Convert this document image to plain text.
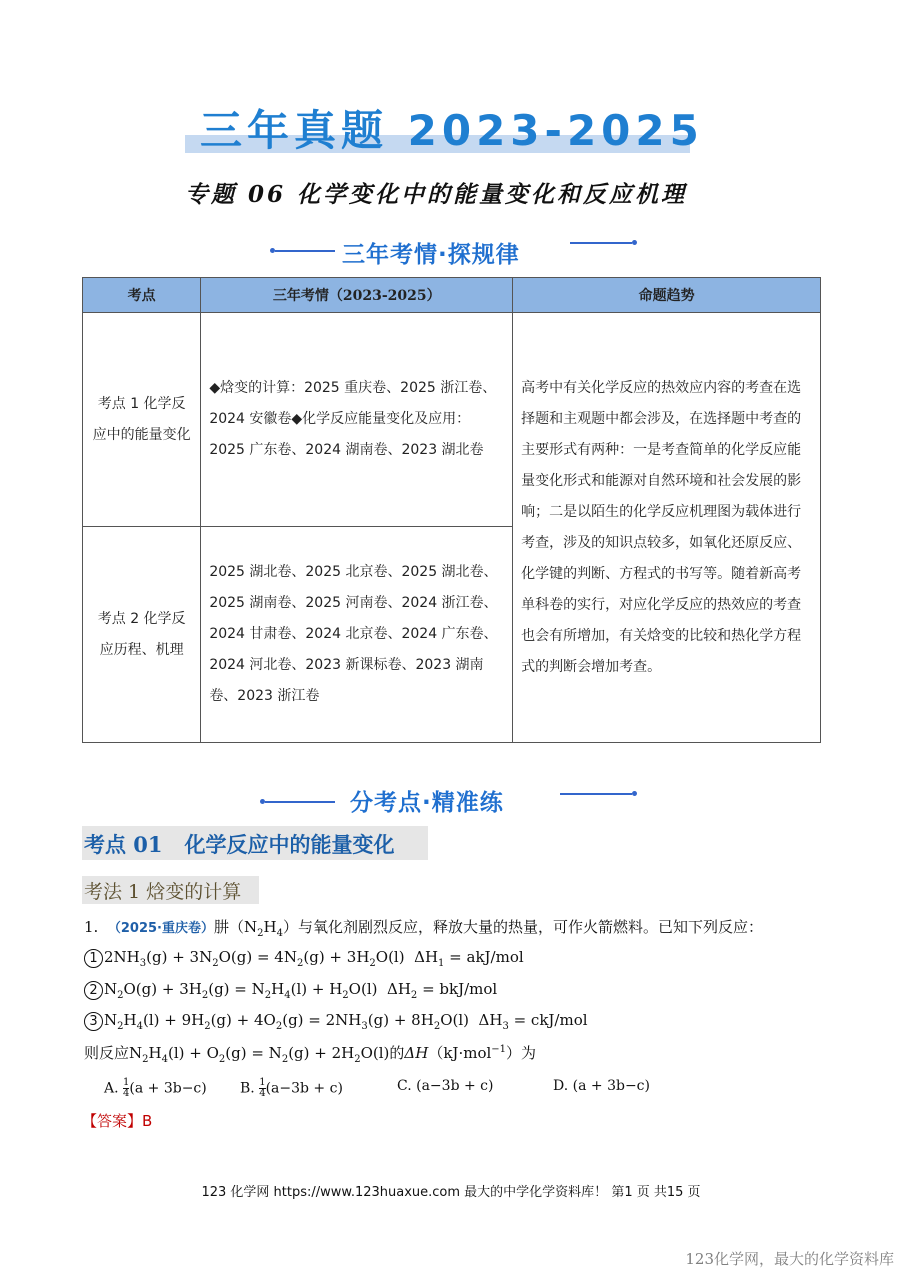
三年真题 2023-2025
专题 06 化学变化中的能量变化和反应机理
三年考情·探规律
考点	三年考情（2023-2025）	命题趋势
考点 1 化学反应中的能量变化	◆焓变的计算：2025 重庆卷、2025 浙江卷、2024 安徽卷◆化学反应能量变化及应用：2025 广东卷、2024 湖南卷、2023 湖北卷	高考中有关化学反应的热效应内容的考查在选择题和主观题中都会涉及，在选择题中考查的主要形式有两种：一是考查简单的化学反应能量变化形式和能源对自然环境和社会发展的影响；二是以陌生的化学反应机理图为载体进行考查，涉及的知识点较多，如氧化还原反应、化学键的判断、方程式的书写等。随着新高考单科卷的实行，对应化学反应的热效应的考查也会有所增加，有关焓变的比较和热化学方程式的判断会增加考查。
考点 2 化学反应历程、机理	2025 湖北卷、2025 北京卷、2025 湖北卷、2025 湖南卷、2025 河南卷、2024 浙江卷、2024 甘肃卷、2024 北京卷、2024 广东卷、2024 河北卷、2023 新课标卷、2023 湖南卷、2023 浙江卷	
分考点·精准练
考点 01 化学反应中的能量变化
考法 1 焓变的计算
1. （2025·重庆卷）肼$(N_2H_4)$与氧化剂剧烈反应，释放大量的热量，可作火箭燃料。已知下列反应：
1 $2NH_3(g) + 3N_2O(g) = 4N_2(g) + 3H_2O(l) \Delta H_1 = akJ/mol$
2 $N_2O(g) + 3H_2(g) = N_2H_4(l) + H_2O(l) \Delta H_2 = bkJ/mol$
3 $N_2H_4(l) + 9H_2(g) + 4O_2(g) = 2NH_3(g) + 8H_2O(l) \Delta H_3 = ckJ/mol$
则反应$N_2H_4(l) + O_2(g) = N_2(g) + 2H_2O(l)$的ΔH（kJ·mol$^{-1}$）为
A. $\frac{1}{4} (a + 3b-c)$ B. $\frac{1}{4} (a-3b + c)$	C. (a−3b + c)	D. (a + 3b−c)
【答案】B
123 化学网 https://www.123huaxue.com 最大的中学化学资料库！ 第1 页 共15 页
123化学网，最大的化学资料库
